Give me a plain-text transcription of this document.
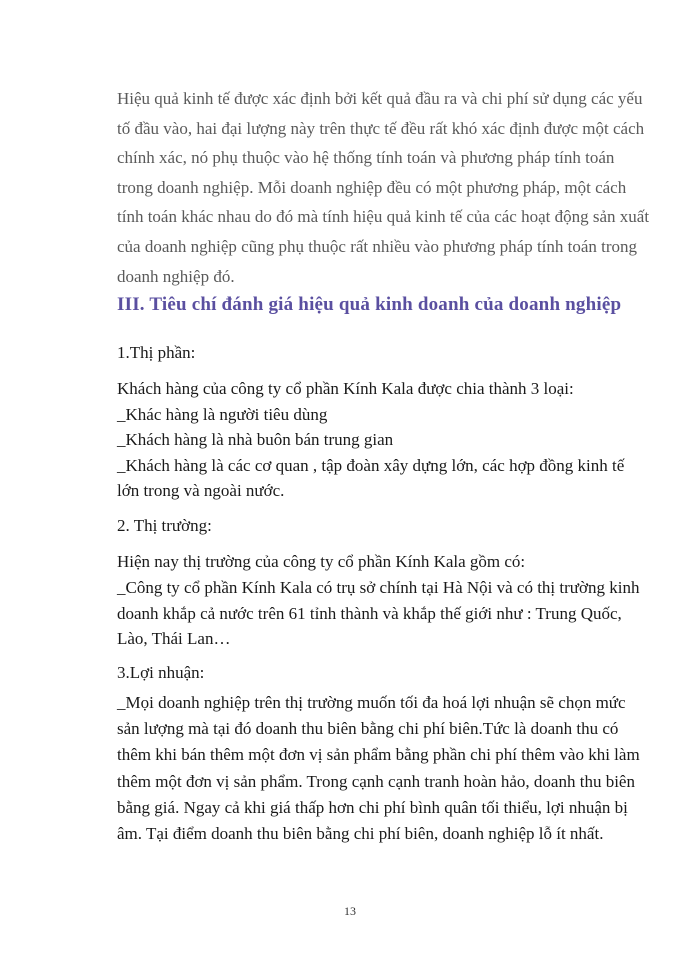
Hiệu quả kinh tế được xác định bởi kết quả đầu ra và chi phí sử dụng các yếu
tố đầu vào, hai đại lượng này trên thực tế đều rất khó xác định được một cách
chính xác, nó phụ thuộc vào hệ thống tính toán và phương pháp tính toán
trong doanh nghiệp. Mỗi doanh nghiệp đều có một phương pháp, một cách
tính toán khác nhau do đó mà tính hiệu quả kinh tế của các hoạt động sản xuất
của doanh nghiệp cũng phụ thuộc rất nhiều vào phương pháp tính toán trong
doanh nghiệp đó.

III. Tiêu chí đánh giá hiệu quả kinh doanh của doanh nghiệp

1.Thị phần:

Khách hàng của công ty cổ phần Kính Kala được chia thành 3 loại:
_Khác hàng là người tiêu dùng
_Khách hàng là nhà buôn bán trung gian
_Khách hàng là các cơ quan , tập đoàn xây dựng lớn, các hợp đồng kinh tế
lớn trong và ngoài nước.

2. Thị trường:

Hiện nay thị trường của công ty cổ phần Kính Kala gồm có:
_Công ty cổ phần Kính Kala có trụ sở chính tại Hà Nội và có thị trường kinh
doanh khắp cả nước trên 61 tỉnh thành và khắp thế giới như : Trung Quốc,
Lào, Thái Lan…

3.Lợi nhuận:

_Mọi doanh nghiệp trên thị trường muốn tối đa hoá lợi nhuận sẽ chọn mức
sản lượng mà tại đó doanh thu biên bằng chi phí biên.Tức là doanh thu có
thêm khi bán thêm một đơn vị sản phẩm bằng phần chi phí thêm vào khi làm
thêm một đơn vị sản phẩm. Trong cạnh cạnh tranh hoàn hảo, doanh thu biên
bằng giá. Ngay cả khi giá thấp hơn chi phí bình quân tối thiểu, lợi nhuận bị
âm. Tại điểm doanh thu biên bằng chi phí biên, doanh nghiệp lỗ ít nhất.

13
